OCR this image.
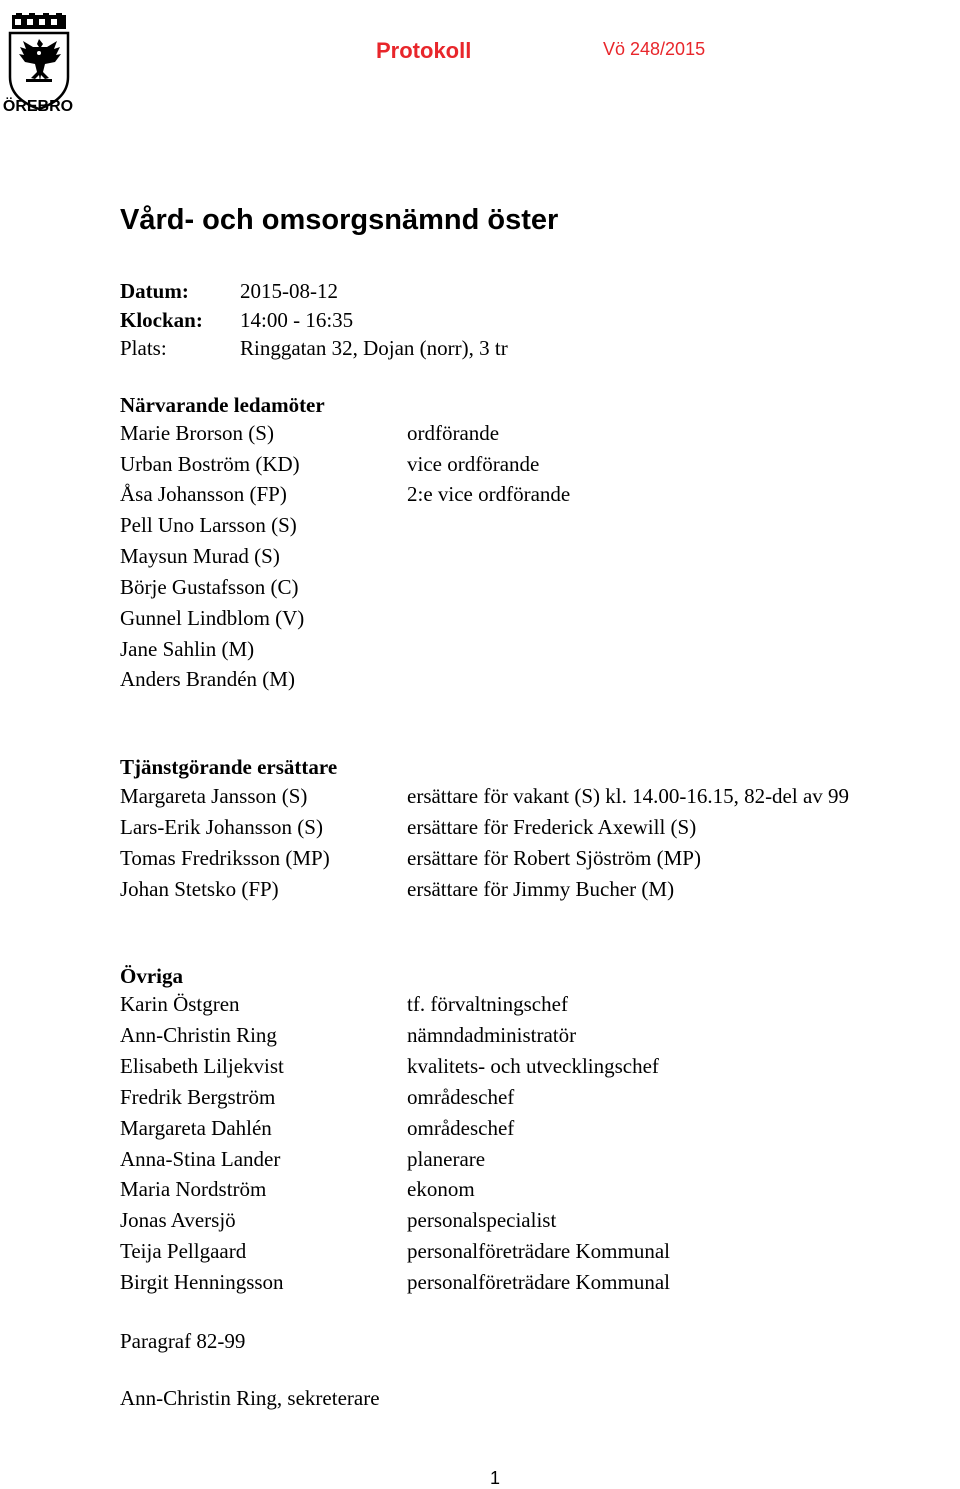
ÖREBRO
Protokoll	Vö 248/2015
Vård- och omsorgsnämnd öster
Datum: 2015-08-12
Klockan: 14:00 - 16:35
Plats:	Ringgatan 32, Dojan (norr), 3 tr
Närvarande ledamöter
Marie Brorson (S)	ordförande
Urban Boström (KD)	vice ordförande
Åsa Johansson (FP)	2:e vice ordförande
Pell Uno Larsson (S)
Maysun Murad (S)
Börje Gustafsson (C)
Gunnel Lindblom (V)
Jane Sahlin (M)
Anders Brandén (M)
Tjänstgörande ersättare
Margareta Jansson (S)	ersättare för vakant (S) kl. 14.00-16.15, 82-del av 99
Lars-Erik Johansson (S)	ersättare för Frederick Axewill (S)
Tomas Fredriksson (MP)	ersättare för Robert Sjöström (MP)
Johan Stetsko (FP)	ersättare för Jimmy Bucher (M)
Övriga
Karin Östgren	tf. förvaltningschef
Ann-Christin Ring	nämndadministratör
Elisabeth Liljekvist	kvalitets- och utvecklingschef
Fredrik Bergström	områdeschef
Margareta Dahlén	områdeschef
Anna-Stina Lander	planerare
Maria Nordström	ekonom
Jonas Aversjö	personalspecialist
Teija Pellgaard	personalföreträdare Kommunal
Birgit Henningsson	personalföreträdare Kommunal
Paragraf 82-99
Ann-Christin Ring, sekreterare
1
